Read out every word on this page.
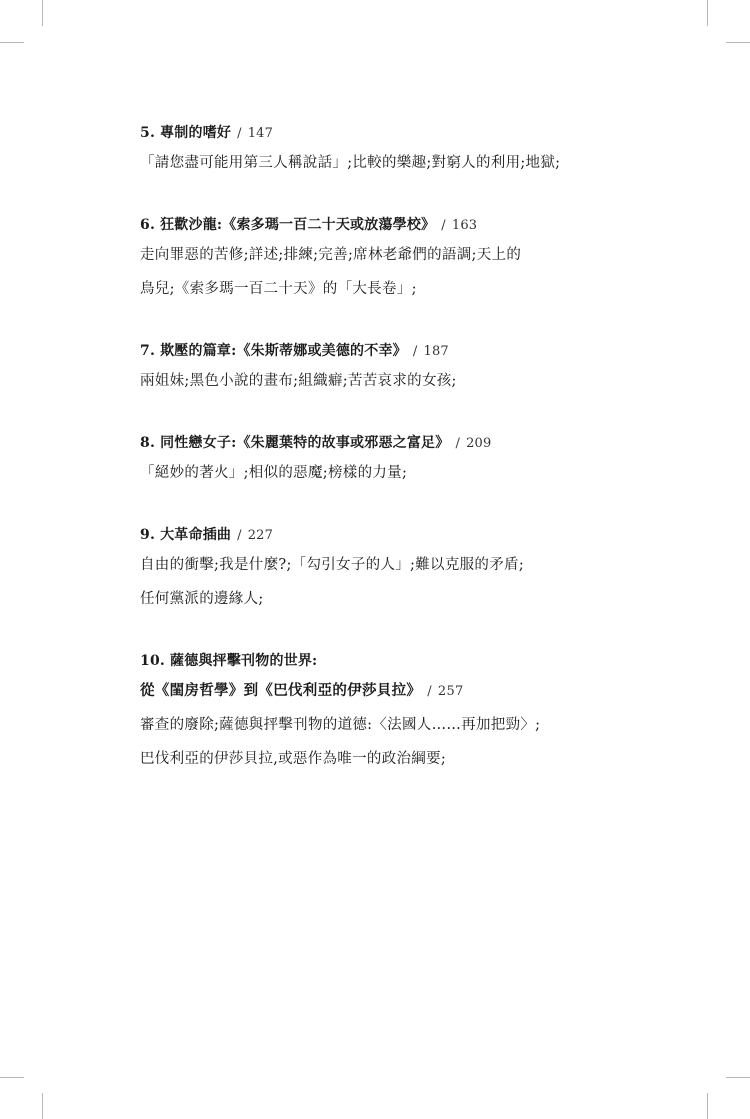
5. 專制的嗜好 / 147
「請您盡可能用第三人稱說話」;比較的樂趣;對窮人的利用;地獄;
6. 狂歡沙龍:《索多瑪一百二十天或放蕩學校》 / 163
走向罪惡的苦修;詳述;排練;完善;席林老爺們的語調;天上的
鳥兒;《索多瑪一百二十天》的「大長卷」;
7. 欺壓的篇章:《朱斯蒂娜或美德的不幸》 / 187
兩姐妹;黑色小說的畫布;組織癖;苦苦哀求的女孩;
8. 同性戀女子:《朱麗葉特的故事或邪惡之富足》 / 209
「絕妙的著火」;相似的惡魔;榜樣的力量;
9. 大革命插曲 / 227
自由的衝擊;我是什麼?;「勾引女子的人」;難以克服的矛盾;
任何黨派的邊緣人;
10. 薩德與抨擊刊物的世界:
從《閨房哲學》到《巴伐利亞的伊莎貝拉》 / 257
審查的廢除;薩德與抨擊刊物的道德:〈法國人……再加把勁〉;
巴伐利亞的伊莎貝拉,或惡作為唯一的政治綱要;
